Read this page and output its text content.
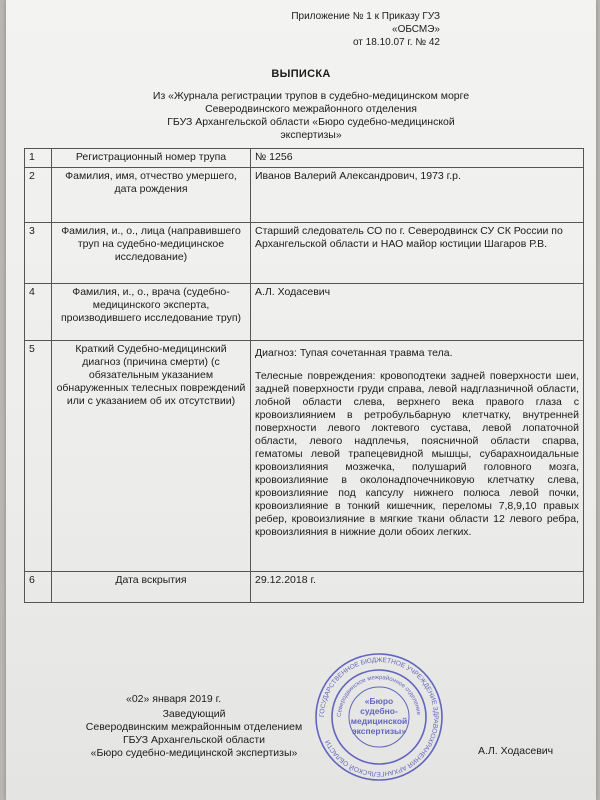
Приложение № 1 к Приказу ГУЗ «ОБСМЭ»
от 18.10.07 г. № 42
ВЫПИСКА
Из «Журнала регистрации трупов в судебно-медицинском морге
Северодвинского межрайонного отделения
ГБУЗ Архангельской области «Бюро судебно-медицинской экспертизы»
1	Регистрационный номер трупа	№ 1256
2	Фамилия, имя, отчество умершего, дата рождения	Иванов Валерий Александрович, 1973 г.р.
3	Фамилия, и., о., лица (направившего труп на судебно-медицинское исследование)	Старший следователь СО по г. Северодвинск СУ СК России по Архангельской области и НАО майор юстиции Шагаров Р.В.
4	Фамилия, и., о., врача (судебно-медицинского эксперта, производившего исследование труп)	А.Л. Ходасевич
5	Краткий Судебно-медицинский диагноз (причина смерти) (с обязательным указанием обнаруженных телесных повреждений или с указанием об их отсутствии)	Диагноз: Тупая сочетанная травма тела.
Телесные повреждения: кровоподтеки задней поверхности шеи, задней поверхности груди справа, левой надглазничной области, лобной области слева, верхнего века правого глаза с кровоизлиянием в ретробульбарную клетчатку, внутренней поверхности левого локтевого сустава, левой лопаточной области, левого надплечья, поясничной области спарва, гематомы левой трапецевидной мышцы, субарахноидальные кровоизлияния мозжечка, полушарий головного мозга, кровоизлияние в околонадпочечниковую клетчатку слева, кровоизлияние под капсулу нижнего полюса левой почки, кровоизлияние в тонкий кишечник, переломы 7,8,9,10 правых ребер, кровоизлияние в мягкие ткани области 12 левого ребра, кровоизлияния в нижние доли обоих легких.

6	Дата вскрытия	29.12.2018 г.
«02» января 2019 г.
Заведующий
Северодвинским межрайонным отделением
ГБУЗ Архангельской области
«Бюро судебно-медицинской экспертизы»	А.Л. Ходасевич
ГОСУДАРСТВЕННОЕ БЮДЖЕТНОЕ УЧРЕЖДЕНИЕ ЗДРАВООХРАНЕНИЯ АРХАНГЕЛЬСКОЙ ОБЛАСТИ
Северодвинское межрайонное отделение
«Бюро
судебно-
медицинской
экспертизы»
